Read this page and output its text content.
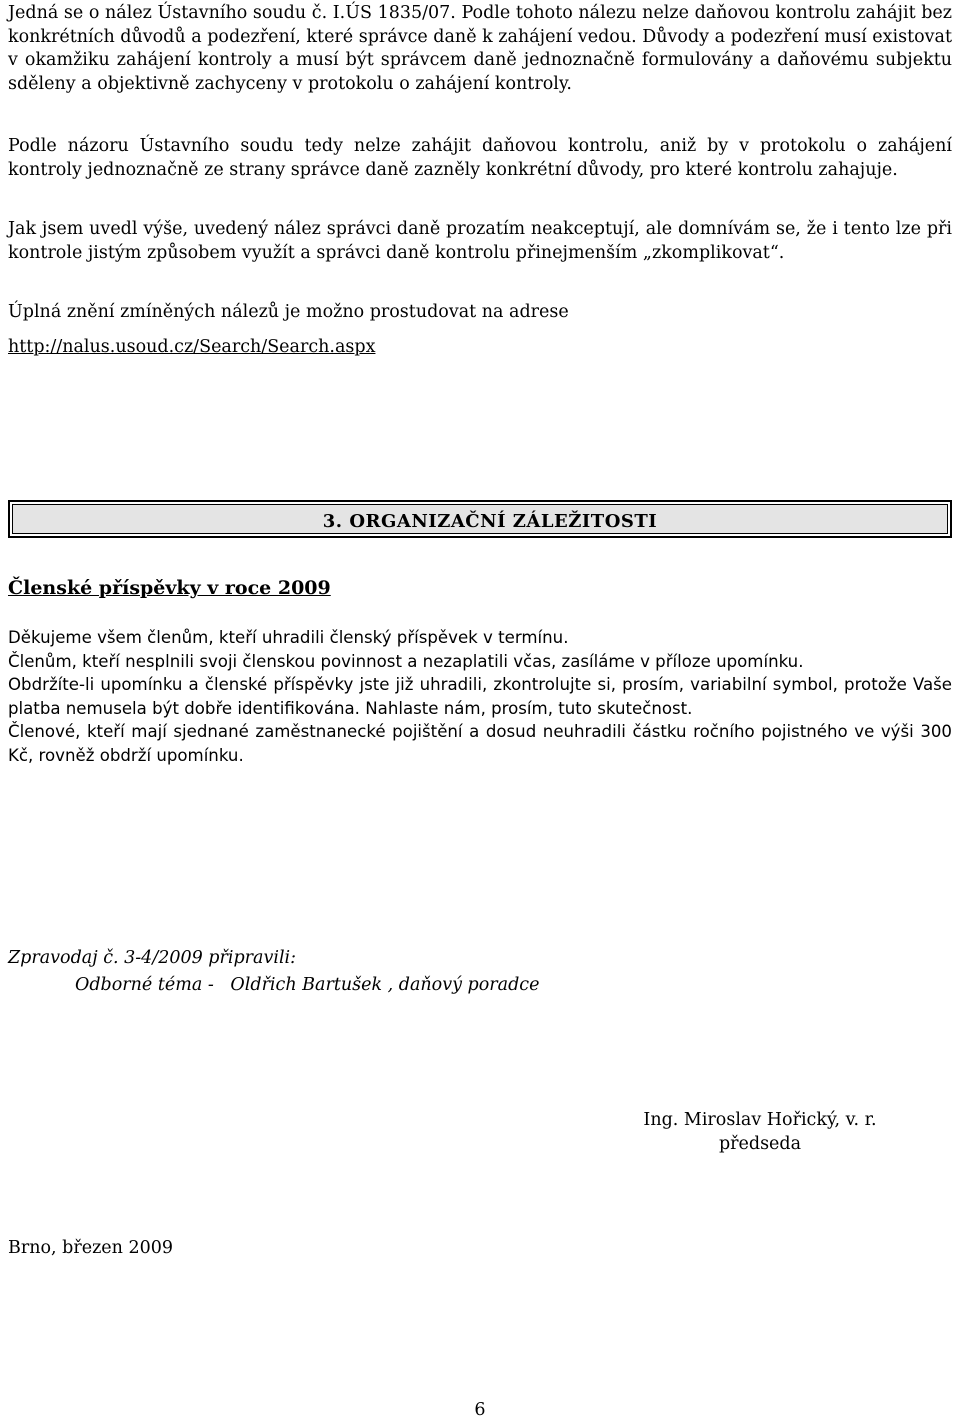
Jedná se o nález Ústavního soudu č. I.ÚS 1835/07. Podle tohoto nálezu nelze daňovou kontrolu zahájit bez konkrétních důvodů a podezření, které správce daně k zahájení vedou. Důvody a podezření musí existovat v okamžiku zahájení kontroly a musí být správcem daně jednoznačně formulovány a daňovému subjektu sděleny a objektivně zachyceny v protokolu o zahájení kontroly.

Podle názoru Ústavního soudu tedy nelze zahájit daňovou kontrolu, aniž by v protokolu o zahájení kontroly jednoznačně ze strany správce daně zazněly konkrétní důvody, pro které kontrolu zahajuje.

Jak jsem uvedl výše, uvedený nález správci daně prozatím neakceptují, ale domnívám se, že i tento lze při kontrole jistým způsobem využít a správci daně kontrolu přinejmenším „zkomplikovat“.

Úplná znění zmíněných nálezů je možno prostudovat na adrese

http://nalus.usoud.cz/Search/Search.aspx
3. ORGANIZAČNÍ ZÁLEŽITOSTI
Členské příspěvky v roce 2009

Děkujeme všem členům, kteří uhradili členský příspěvek v termínu.

Členům, kteří nesplnili svoji členskou povinnost a nezaplatili včas, zasíláme v příloze upomínku.

Obdržíte-li upomínku a členské příspěvky jste již uhradili, zkontrolujte si, prosím, variabilní symbol, protože Vaše platba nemusela být dobře identifikována. Nahlaste nám, prosím, tuto skutečnost.

Členové, kteří mají sjednané zaměstnanecké pojištění a dosud neuhradili částku ročního pojistného ve výši 300 Kč, rovněž obdrží upomínku.

Zpravodaj č. 3-4/2009 připravili:
Odborné téma -   Oldřich Bartušek , daňový poradce
Ing. Miroslav Hořický, v. r.
předseda
Brno, březen 2009
6
